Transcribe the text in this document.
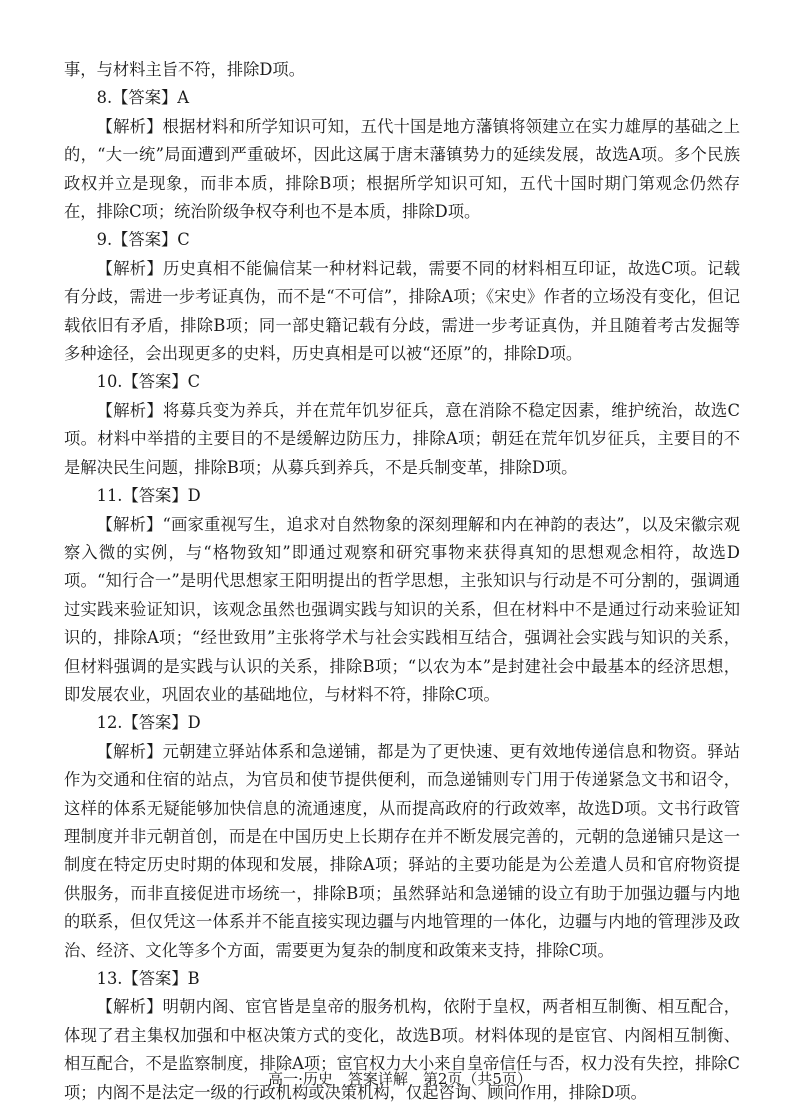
事，与材料主旨不符，排除D项。

8.【答案】A

【解析】根据材料和所学知识可知，五代十国是地方藩镇将领建立在实力雄厚的基础之上的，“大一统”局面遭到严重破坏，因此这属于唐末藩镇势力的延续发展，故选A项。多个民族政权并立是现象，而非本质，排除B项；根据所学知识可知，五代十国时期门第观念仍然存在，排除C项；统治阶级争权夺利也不是本质，排除D项。

9.【答案】C

【解析】历史真相不能偏信某一种材料记载，需要不同的材料相互印证，故选C项。记载有分歧，需进一步考证真伪，而不是“不可信”，排除A项；《宋史》作者的立场没有变化，但记载依旧有矛盾，排除B项；同一部史籍记载有分歧，需进一步考证真伪，并且随着考古发掘等多种途径，会出现更多的史料，历史真相是可以被“还原”的，排除D项。

10.【答案】C

【解析】将募兵变为养兵，并在荒年饥岁征兵，意在消除不稳定因素，维护统治，故选C项。材料中举措的主要目的不是缓解边防压力，排除A项；朝廷在荒年饥岁征兵，主要目的不是解决民生问题，排除B项；从募兵到养兵，不是兵制变革，排除D项。

11.【答案】D

【解析】“画家重视写生，追求对自然物象的深刻理解和内在神韵的表达”，以及宋徽宗观察入微的实例，与“格物致知”即通过观察和研究事物来获得真知的思想观念相符，故选D项。“知行合一”是明代思想家王阳明提出的哲学思想，主张知识与行动是不可分割的，强调通过实践来验证知识，该观念虽然也强调实践与知识的关系，但在材料中不是通过行动来验证知识的，排除A项；“经世致用”主张将学术与社会实践相互结合，强调社会实践与知识的关系，但材料强调的是实践与认识的关系，排除B项；“以农为本”是封建社会中最基本的经济思想，即发展农业，巩固农业的基础地位，与材料不符，排除C项。

12.【答案】D

【解析】元朝建立驿站体系和急递铺，都是为了更快速、更有效地传递信息和物资。驿站作为交通和住宿的站点，为官员和使节提供便利，而急递铺则专门用于传递紧急文书和诏令，这样的体系无疑能够加快信息的流通速度，从而提高政府的行政效率，故选D项。文书行政管理制度并非元朝首创，而是在中国历史上长期存在并不断发展完善的，元朝的急递铺只是这一制度在特定历史时期的体现和发展，排除A项；驿站的主要功能是为公差遣人员和官府物资提供服务，而非直接促进市场统一，排除B项；虽然驿站和急递铺的设立有助于加强边疆与内地的联系，但仅凭这一体系并不能直接实现边疆与内地管理的一体化，边疆与内地的管理涉及政治、经济、文化等多个方面，需要更为复杂的制度和政策来支持，排除C项。

13.【答案】B

【解析】明朝内阁、宦官皆是皇帝的服务机构，依附于皇权，两者相互制衡、相互配合，体现了君主集权加强和中枢决策方式的变化，故选B项。材料体现的是宦官、内阁相互制衡、相互配合，不是监察制度，排除A项；宦官权力大小来自皇帝信任与否，权力没有失控，排除C项；内阁不是法定一级的行政机构或决策机构，仅起咨询、顾问作用，排除D项。

高一·历史　答案详解　第2页（共5页）
